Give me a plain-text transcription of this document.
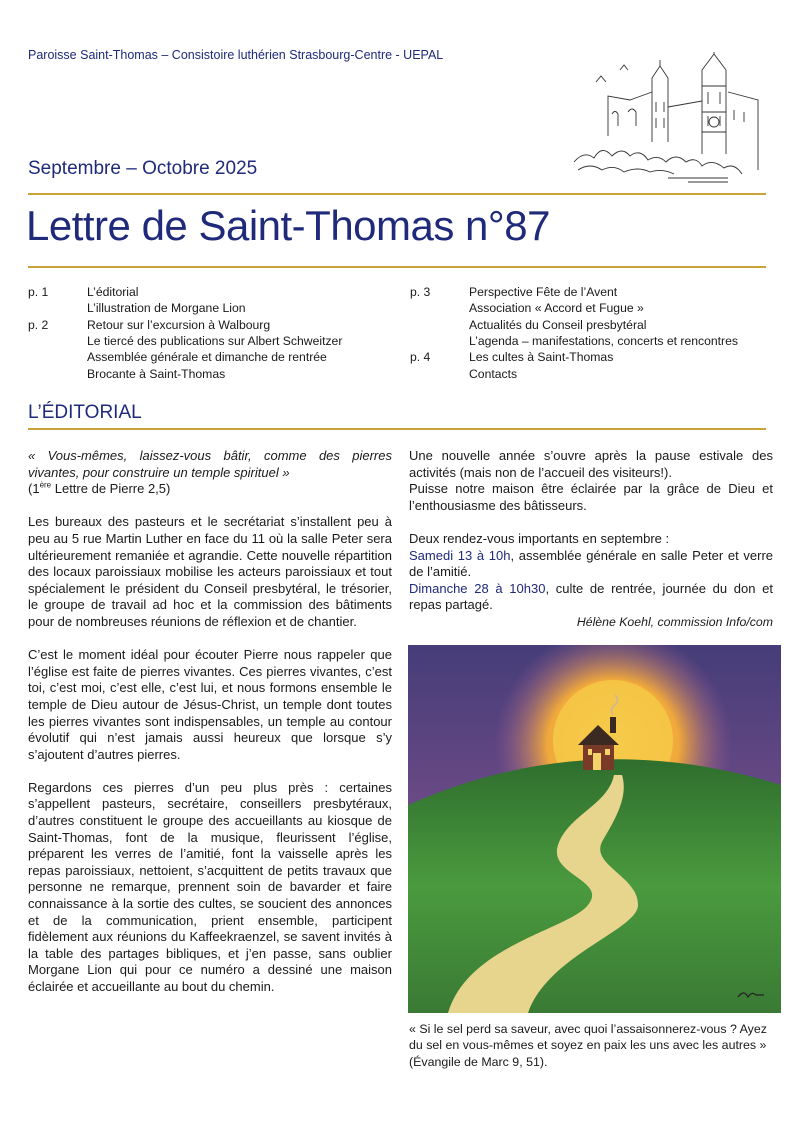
Paroisse Saint-Thomas – Consistoire luthérien Strasbourg-Centre - UEPAL
Septembre – Octobre 2025
Lettre de Saint-Thomas n°87
p. 1	L’éditorial
L’illustration de Morgane Lion
p. 2	Retour sur l’excursion à Walbourg
Le tiercé des publications sur Albert Schweitzer
Assemblée générale et dimanche de rentrée
Brocante à Saint-Thomas
p. 3	Perspective Fête de l’Avent
Association « Accord et Fugue »
Actualités du Conseil presbytéral
L’agenda – manifestations, concerts et rencontres
p. 4	Les cultes à Saint-Thomas
Contacts
L’ÉDITORIAL

« Vous-mêmes, laissez-vous bâtir, comme des pierres vivantes, pour construire un temple spirituel »

(1ère Lettre de Pierre 2,5)

Les bureaux des pasteurs et le secrétariat s’installent peu à peu au 5 rue Martin Luther en face du 11 où la salle Peter sera ultérieurement remaniée et agrandie. Cette nouvelle répartition des locaux paroissiaux mobilise les acteurs paroissiaux et tout spécialement le président du Conseil presbytéral, le trésorier, le groupe de travail ad hoc et la commission des bâtiments pour de nombreuses réunions de réflexion et de chantier.

C’est le moment idéal pour écouter Pierre nous rappeler que l’église est faite de pierres vivantes. Ces pierres vivantes, c’est toi, c’est moi, c’est elle, c’est lui, et nous formons ensemble le temple de Dieu autour de Jésus-Christ, un temple dont toutes les pierres vivantes sont indispensables, un temple au contour évolutif qui n’est jamais aussi heureux que lorsque s’y s’ajoutent d’autres pierres.

Regardons ces pierres d’un peu plus près : certaines s’appellent pasteurs, secrétaire, conseillers presbytéraux, d’autres constituent le groupe des accueillants au kiosque de Saint-Thomas, font de la musique, fleurissent l’église, préparent les verres de l’amitié, font la vaisselle après les repas paroissiaux, nettoient, s’acquittent de petits travaux que personne ne remarque, prennent soin de bavarder et faire connaissance à la sortie des cultes, se soucient des annonces et de la communication, prient ensemble, participent fidèlement aux réunions du Kaffeekraenzel, se savent invités à la table des partages bibliques, et j’en passe, sans oublier Morgane Lion qui pour ce numéro a dessiné une maison éclairée et accueillante au bout du chemin.

Une nouvelle année s’ouvre après la pause estivale des activités (mais non de l’accueil des visiteurs!).

Puisse notre maison être éclairée par la grâce de Dieu et l’enthousiasme des bâtisseurs.

Deux rendez-vous importants en septembre :

Samedi 13 à 10h, assemblée générale en salle Peter et verre de l’amitié.

Dimanche 28 à 10h30, culte de rentrée, journée du don et repas partagé.

Hélène Koehl, commission Info/com

« Si le sel perd sa saveur, avec quoi l’assaisonnerez-vous ? Ayez du sel en vous-mêmes et soyez en paix les uns avec les autres » (Évangile de Marc 9, 51).
